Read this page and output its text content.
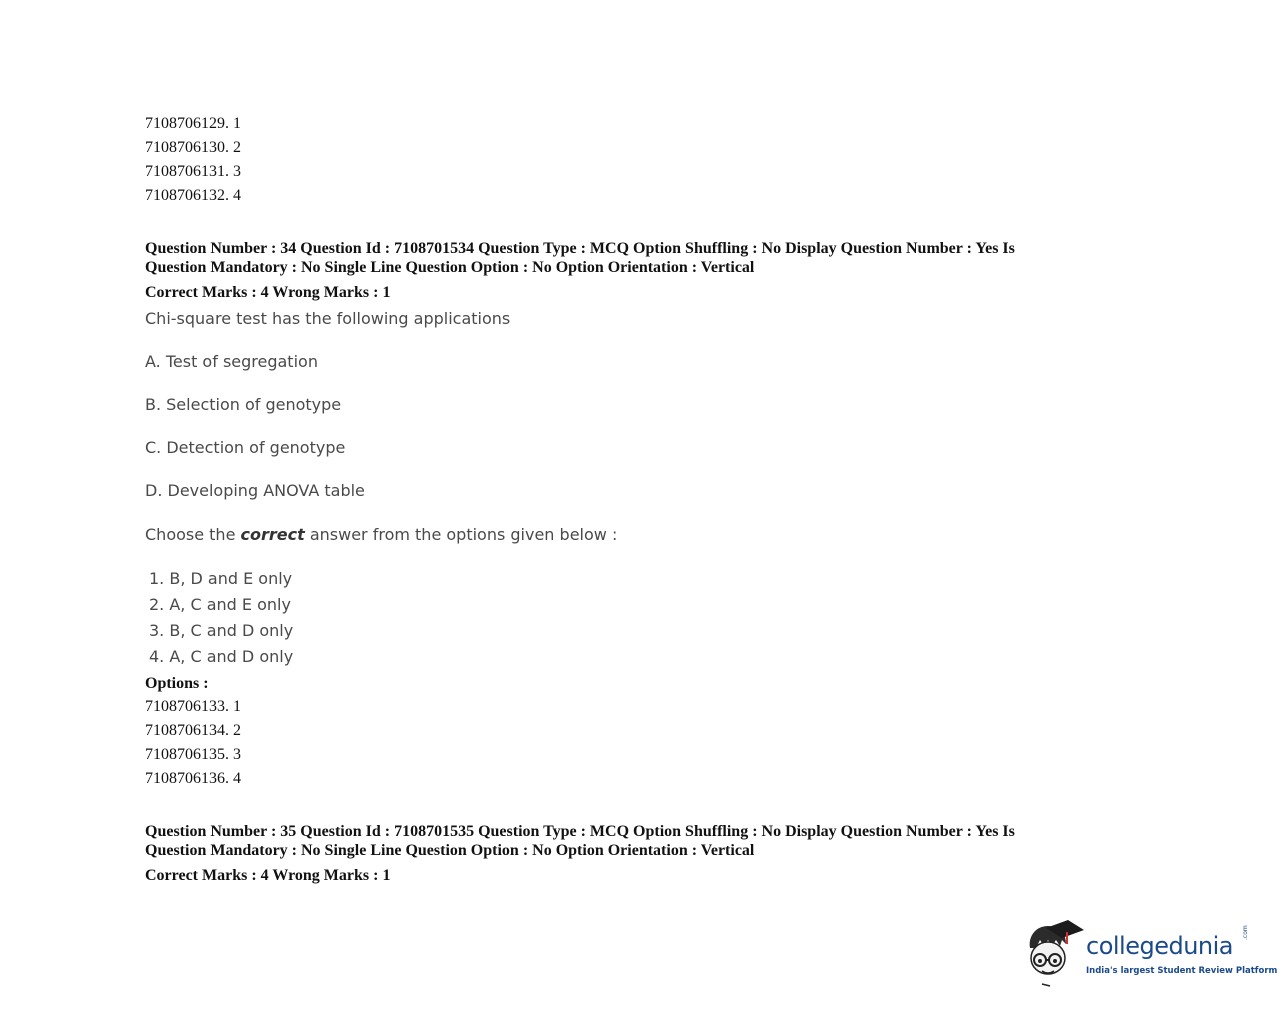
7108706129. 1
7108706130. 2
7108706131. 3
7108706132. 4
Question Number : 34 Question Id : 7108701534 Question Type : MCQ Option Shuffling : No Display Question Number : Yes Is
Question Mandatory : No Single Line Question Option : No Option Orientation : Vertical
Correct Marks : 4 Wrong Marks : 1
Chi-square test has the following applications
A. Test of segregation
B. Selection of genotype
C. Detection of genotype
D. Developing ANOVA table
Choose the correct answer from the options given below :
1. B, D and E only
2. A, C and E only
3. B, C and D only
4. A, C and D only
Options :
7108706133. 1
7108706134. 2
7108706135. 3
7108706136. 4
Question Number : 35 Question Id : 7108701535 Question Type : MCQ Option Shuffling : No Display Question Number : Yes Is
Question Mandatory : No Single Line Question Option : No Option Orientation : Vertical
Correct Marks : 4 Wrong Marks : 1
collegedunia .com
India's largest Student Review Platform
